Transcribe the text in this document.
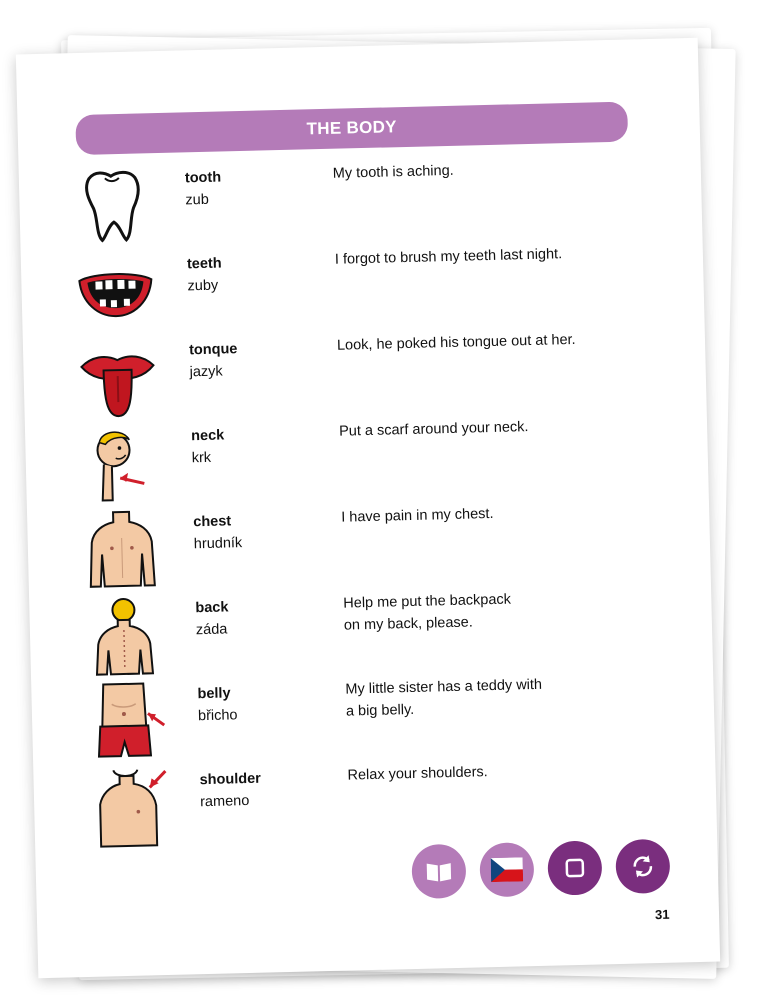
THE BODY
tooth
zub
My tooth is aching.
teeth
zuby
I forgot to brush my teeth last night.
tonque
jazyk
Look, he poked his tongue out at her.
neck
krk
Put a scarf around your neck.
chest
hrudník
I have pain in my chest.
back
záda
Help me put the backpack
on my back, please.
belly
břicho
My little sister has a teddy with
a big belly.
shoulder
rameno
Relax your shoulders.
31
